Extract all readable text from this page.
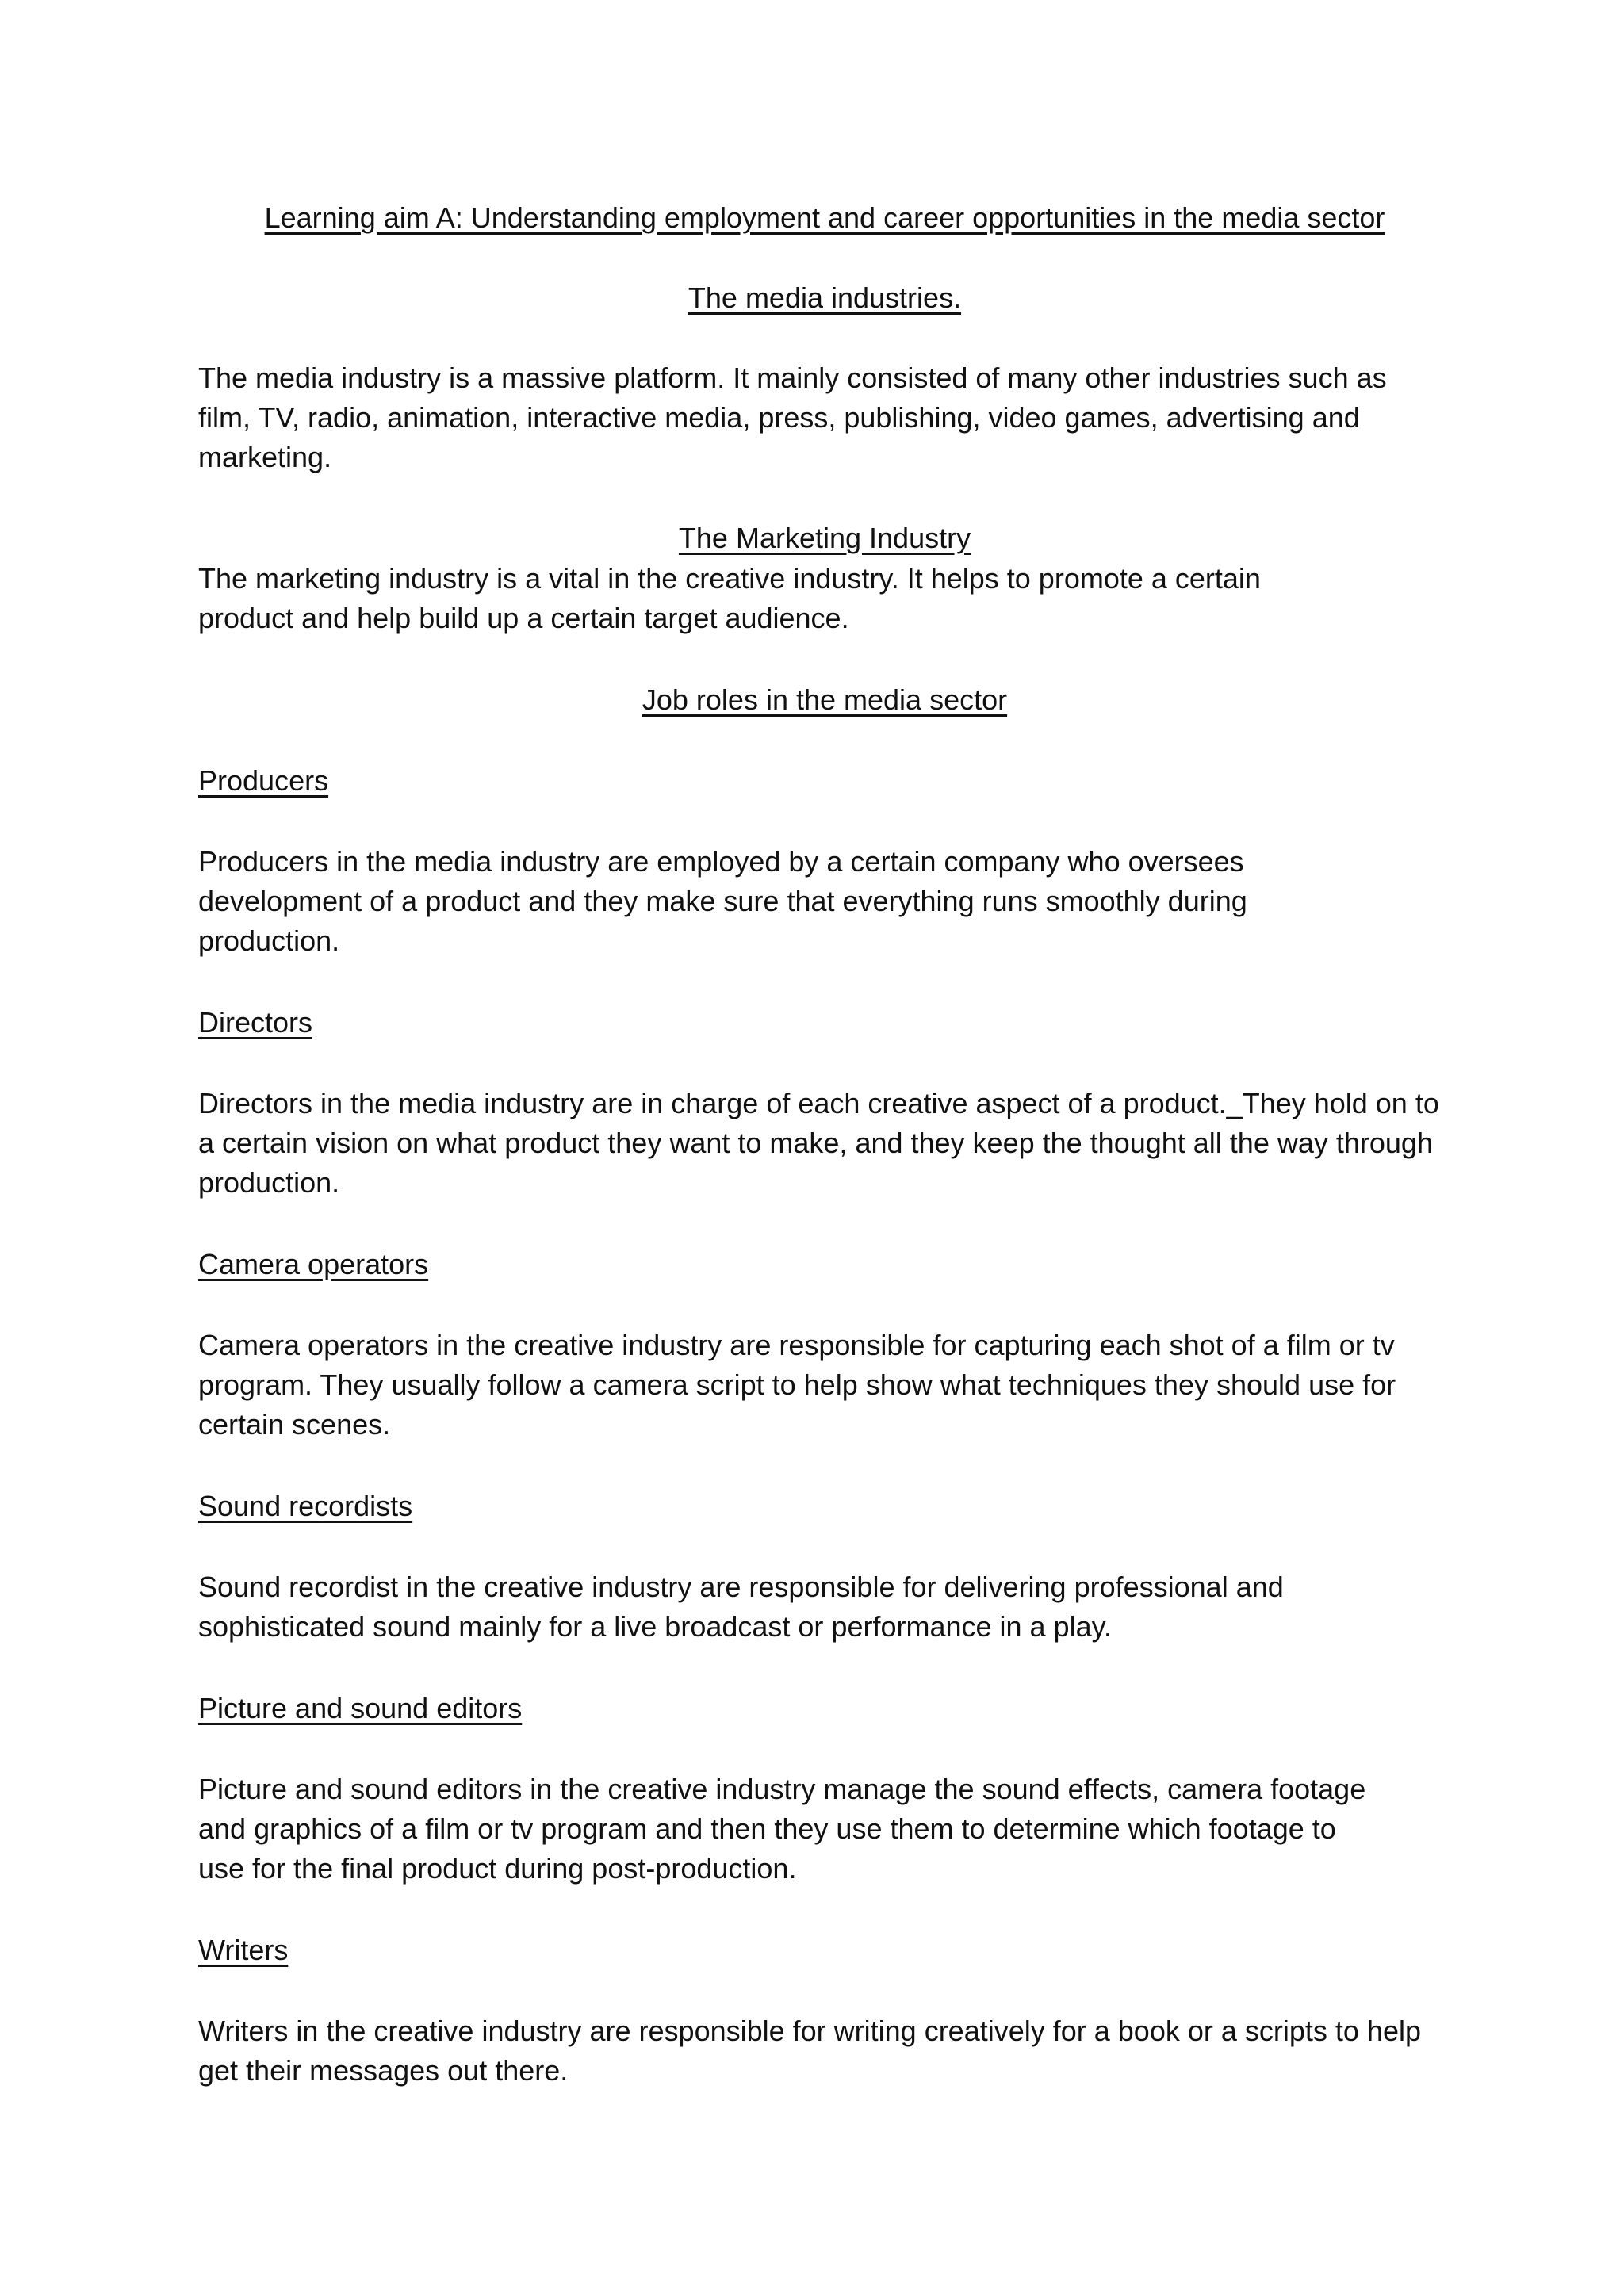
Learning aim A: Understanding employment and career opportunities in the media sector
The media industries.

The media industry is a massive platform. It mainly consisted of many other industries such as film, TV, radio, animation, interactive media, press, publishing, video games, advertising and marketing.

The Marketing Industry

The marketing industry is a vital in the creative industry. It helps to promote a certain product and help build up a certain target audience.

Job roles in the media sector
Producers

Producers in the media industry are employed by a certain company who oversees development of a product and they make sure that everything runs smoothly during production.

Directors

Directors in the media industry are in charge of each creative aspect of a product._They hold on to a certain vision on what product they want to make, and they keep the thought all the way through production.

Camera operators

Camera operators in the creative industry are responsible for capturing each shot of a film or tv program. They usually follow a camera script to help show what techniques they should use for certain scenes.

Sound recordists

Sound recordist in the creative industry are responsible for delivering professional and sophisticated sound mainly for a live broadcast or performance in a play.

Picture and sound editors

Picture and sound editors in the creative industry manage the sound effects, camera footage and graphics of a film or tv program and then they use them to determine which footage to use for the final product during post-production.

Writers

Writers in the creative industry are responsible for writing creatively for a book or a scripts to help get their messages out there.
